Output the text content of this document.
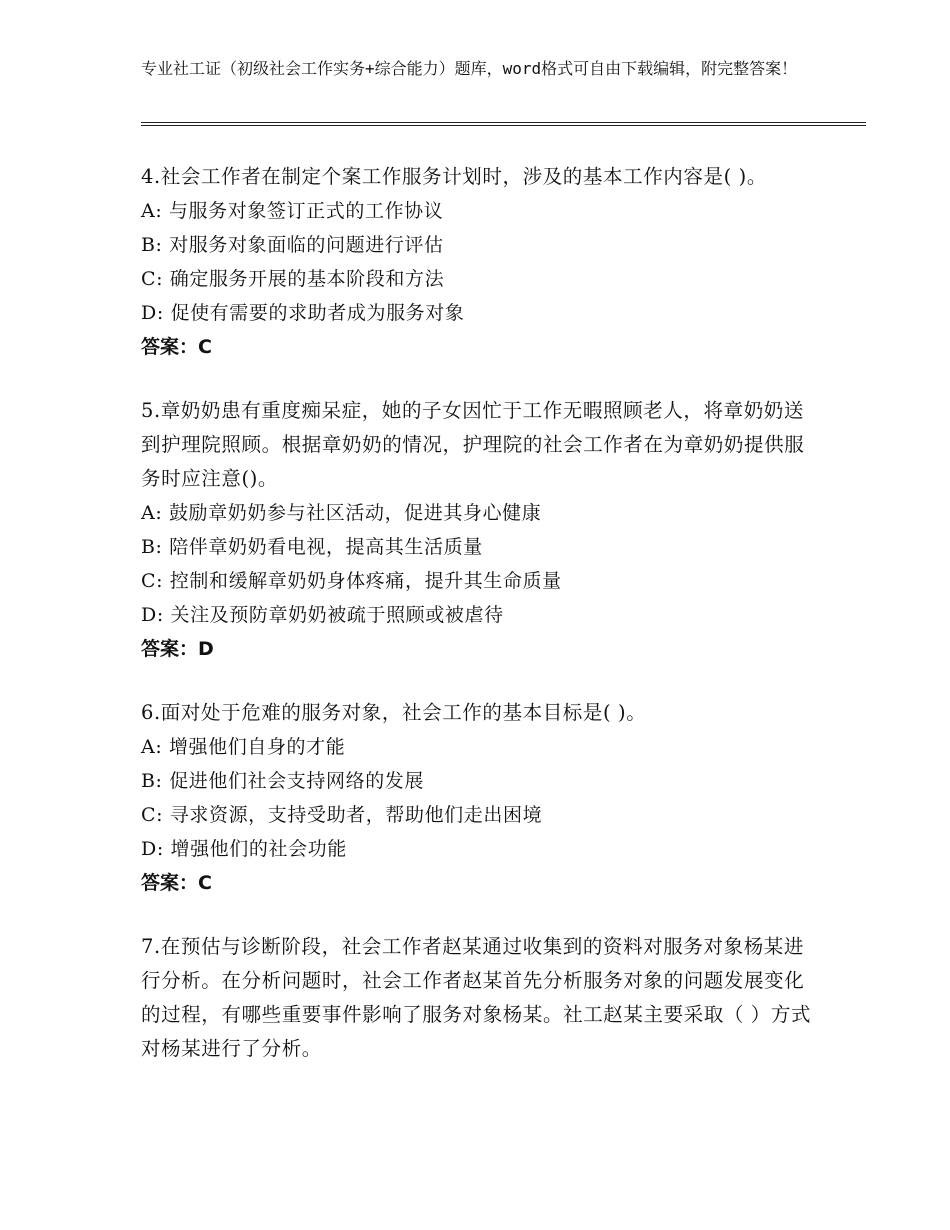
专业社工证（初级社会工作实务+综合能力）题库，word格式可自由下载编辑，附完整答案！

4.社会工作者在制定个案工作服务计划时，涉及的基本工作内容是( )。

A: 与服务对象签订正式的工作协议

B: 对服务对象面临的问题进行评估

C: 确定服务开展的基本阶段和方法

D: 促使有需要的求助者成为服务对象

答案：C

5.章奶奶患有重度痴呆症，她的子女因忙于工作无暇照顾老人，将章奶奶送到护理院照顾。根据章奶奶的情况，护理院的社会工作者在为章奶奶提供服务时应注意()。

A: 鼓励章奶奶参与社区活动，促进其身心健康

B: 陪伴章奶奶看电视，提高其生活质量

C: 控制和缓解章奶奶身体疼痛，提升其生命质量

D: 关注及预防章奶奶被疏于照顾或被虐待

答案：D

6.面对处于危难的服务对象，社会工作的基本目标是( )。

A: 增强他们自身的才能

B: 促进他们社会支持网络的发展

C: 寻求资源，支持受助者，帮助他们走出困境

D: 增强他们的社会功能

答案：C

7.在预估与诊断阶段，社会工作者赵某通过收集到的资料对服务对象杨某进行分析。在分析问题时，社会工作者赵某首先分析服务对象的问题发展变化的过程，有哪些重要事件影响了服务对象杨某。社工赵某主要采取（ ）方式对杨某进行了分析。
